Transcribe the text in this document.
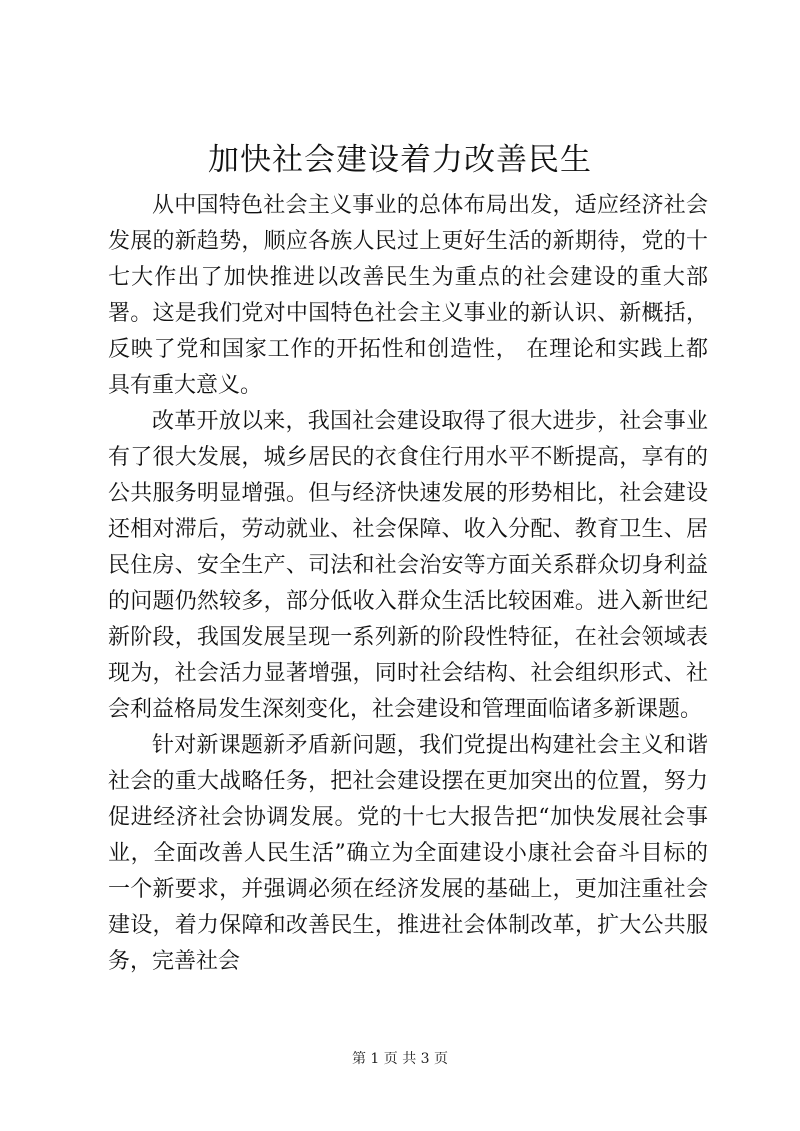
加快社会建设着力改善民生

从中国特色社会主义事业的总体布局出发，适应经济社会发展的新趋势，顺应各族人民过上更好生活的新期待，党的十七大作出了加快推进以改善民生为重点的社会建设的重大部署。这是我们党对中国特色社会主义事业的新认识、新概括，反映了党和国家工作的开拓性和创造性， 在理论和实践上都具有重大意义。

改革开放以来，我国社会建设取得了很大进步，社会事业有了很大发展，城乡居民的衣食住行用水平不断提高，享有的公共服务明显增强。但与经济快速发展的形势相比，社会建设还相对滞后，劳动就业、社会保障、收入分配、教育卫生、居民住房、安全生产、司法和社会治安等方面关系群众切身利益的问题仍然较多，部分低收入群众生活比较困难。进入新世纪新阶段，我国发展呈现一系列新的阶段性特征，在社会领域表现为，社会活力显著增强，同时社会结构、社会组织形式、社会利益格局发生深刻变化，社会建设和管理面临诸多新课题。

针对新课题新矛盾新问题，我们党提出构建社会主义和谐社会的重大战略任务，把社会建设摆在更加突出的位置，努力促进经济社会协调发展。党的十七大报告把“加快发展社会事业，全面改善人民生活”确立为全面建设小康社会奋斗目标的一个新要求，并强调必须在经济发展的基础上，更加注重社会建设，着力保障和改善民生，推进社会体制改革，扩大公共服务，完善社会

第 1 页 共 3 页
